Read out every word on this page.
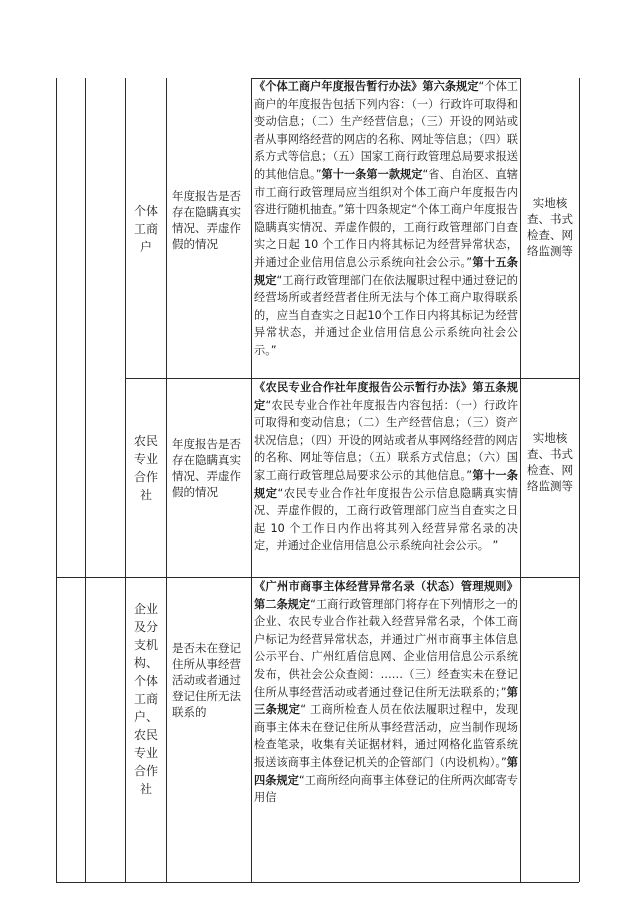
个体工商户
年度报告是否存在隐瞒真实情况、弄虚作假的情况
《个体工商户年度报告暂行办法》第六条规定“个体工商户的年度报告包括下列内容：（一）行政许可取得和变动信息；（二）生产经营信息；（三）开设的网站或者从事网络经营的网店的名称、网址等信息；（四）联系方式等信息；（五）国家工商行政管理总局要求报送的其他信息。”第十一条第一款规定“省、自治区、直辖市工商行政管理局应当组织对个体工商户年度报告内容进行随机抽查。”第十四条规定“个体工商户年度报告隐瞒真实情况、弄虚作假的，工商行政管理部门自查实之日起 10 个工作日内将其标记为经营异常状态，并通过企业信用信息公示系统向社会公示。”第十五条规定“工商行政管理部门在依法履职过程中通过登记的经营场所或者经营者住所无法与个体工商户取得联系的，应当自查实之日起10个工作日内将其标记为经营异常状态，并通过企业信用信息公示系统向社会公示。”
实地核查、书式检查、网络监测等
农民专业合作社
年度报告是否存在隐瞒真实情况、弄虚作假的情况
《农民专业合作社年度报告公示暂行办法》第五条规定“农民专业合作社年度报告内容包括：（一）行政许可取得和变动信息；（二）生产经营信息；（三）资产状况信息；（四）开设的网站或者从事网络经营的网店的名称、网址等信息；（五）联系方式信息；（六）国家工商行政管理总局要求公示的其他信息。”第十一条规定“农民专业合作社年度报告公示信息隐瞒真实情况、弄虚作假的，工商行政管理部门应当自查实之日起 10 个工作日内作出将其列入经营异常名录的决定，并通过企业信用信息公示系统向社会公示。 ”
实地核查、书式检查、网络监测等
企业及分支机构、个体工商户、农民专业合作社
是否未在登记住所从事经营活动或者通过登记住所无法联系的
《广州市商事主体经营异常名录（状态）管理规则》第二条规定“工商行政管理部门将存在下列情形之一的企业、农民专业合作社载入经营异常名录，个体工商户标记为经营异常状态，并通过广州市商事主体信息公示平台、广州红盾信息网、企业信用信息公示系统发布，供社会公众查阅：……（三）经查实未在登记住所从事经营活动或者通过登记住所无法联系的；”第三条规定“ 工商所检查人员在依法履职过程中，发现商事主体未在登记住所从事经营活动，应当制作现场检查笔录，收集有关证据材料，通过网格化监管系统报送该商事主体登记机关的企管部门（内设机构）。”第四条规定“工商所经向商事主体登记的住所两次邮寄专用信
